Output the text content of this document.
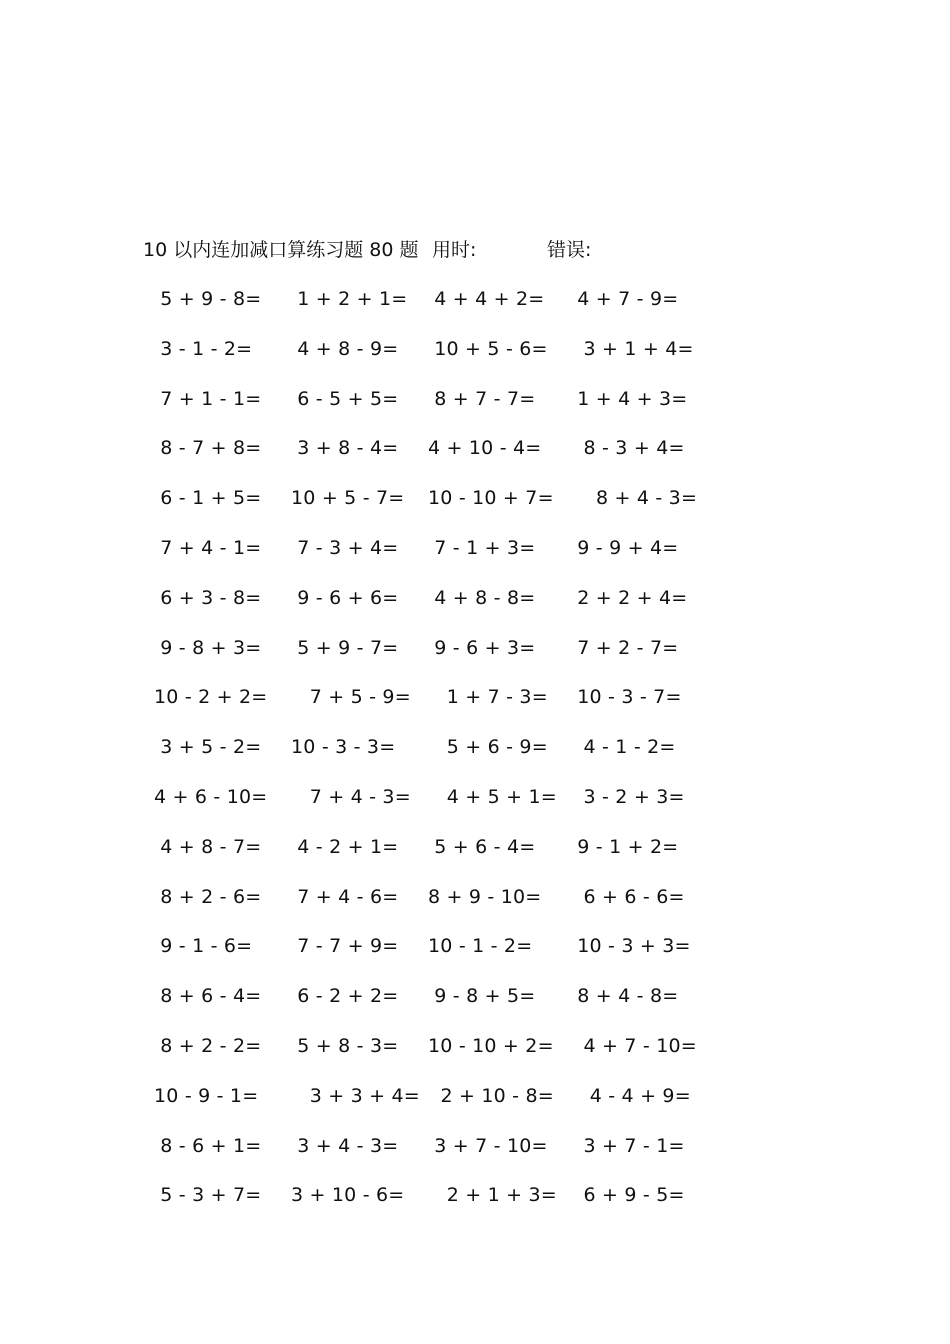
10 以内连加减口算练习题 80 题 用时:	错误:
5 + 9 - 8=	1 + 2 + 1=	4 + 4 + 2=	4 + 7 - 9=
3 - 1 - 2=	4 + 8 - 9=	10 + 5 - 6=	3 + 1 + 4=
7 + 1 - 1=	6 - 5 + 5=	8 + 7 - 7=	1 + 4 + 3=
8 - 7 + 8=	3 + 8 - 4=	4 + 10 - 4=	8 - 3 + 4=
6 - 1 + 5=	10 + 5 - 7=	10 - 10 + 7= 8 + 4 - 3=
7 + 4 - 1=	7 - 3 + 4=	7 - 1 + 3=	9 - 9 + 4=
6 + 3 - 8=	9 - 6 + 6=	4 + 8 - 8=	2 + 2 + 4=
9 - 8 + 3=	5 + 9 - 7=	9 - 6 + 3=	7 + 2 - 7=
10 - 2 + 2=	7 + 5 - 9= 1 + 7 - 3=	10 - 3 - 7=
3 + 5 - 2=	10 - 3 - 3=	5 + 6 - 9=	4 - 1 - 2=
4 + 6 - 10=	7 + 4 - 3= 4 + 5 + 1= 3 - 2 + 3=
4 + 8 - 7=	4 - 2 + 1=	5 + 6 - 4=	9 - 1 + 2=
8 + 2 - 6=	7 + 4 - 6=	8 + 9 - 10=	6 + 6 - 6=
9 - 1 - 6=	7 - 7 + 9=	10 - 1 - 2=	10 - 3 + 3=
8 + 6 - 4=	6 - 2 + 2=	9 - 8 + 5=	8 + 4 - 8=
8 + 2 - 2=	5 + 8 - 3=	10 - 10 + 2= 4 + 7 - 10=
10 - 9 - 1=	3 + 3 + 4= 2 + 10 - 8= 4 - 4 + 9=
8 - 6 + 1=	3 + 4 - 3=	3 + 7 - 10=	3 + 7 - 1=
5 - 3 + 7=	3 + 10 - 6=	2 + 1 + 3= 6 + 9 - 5=
